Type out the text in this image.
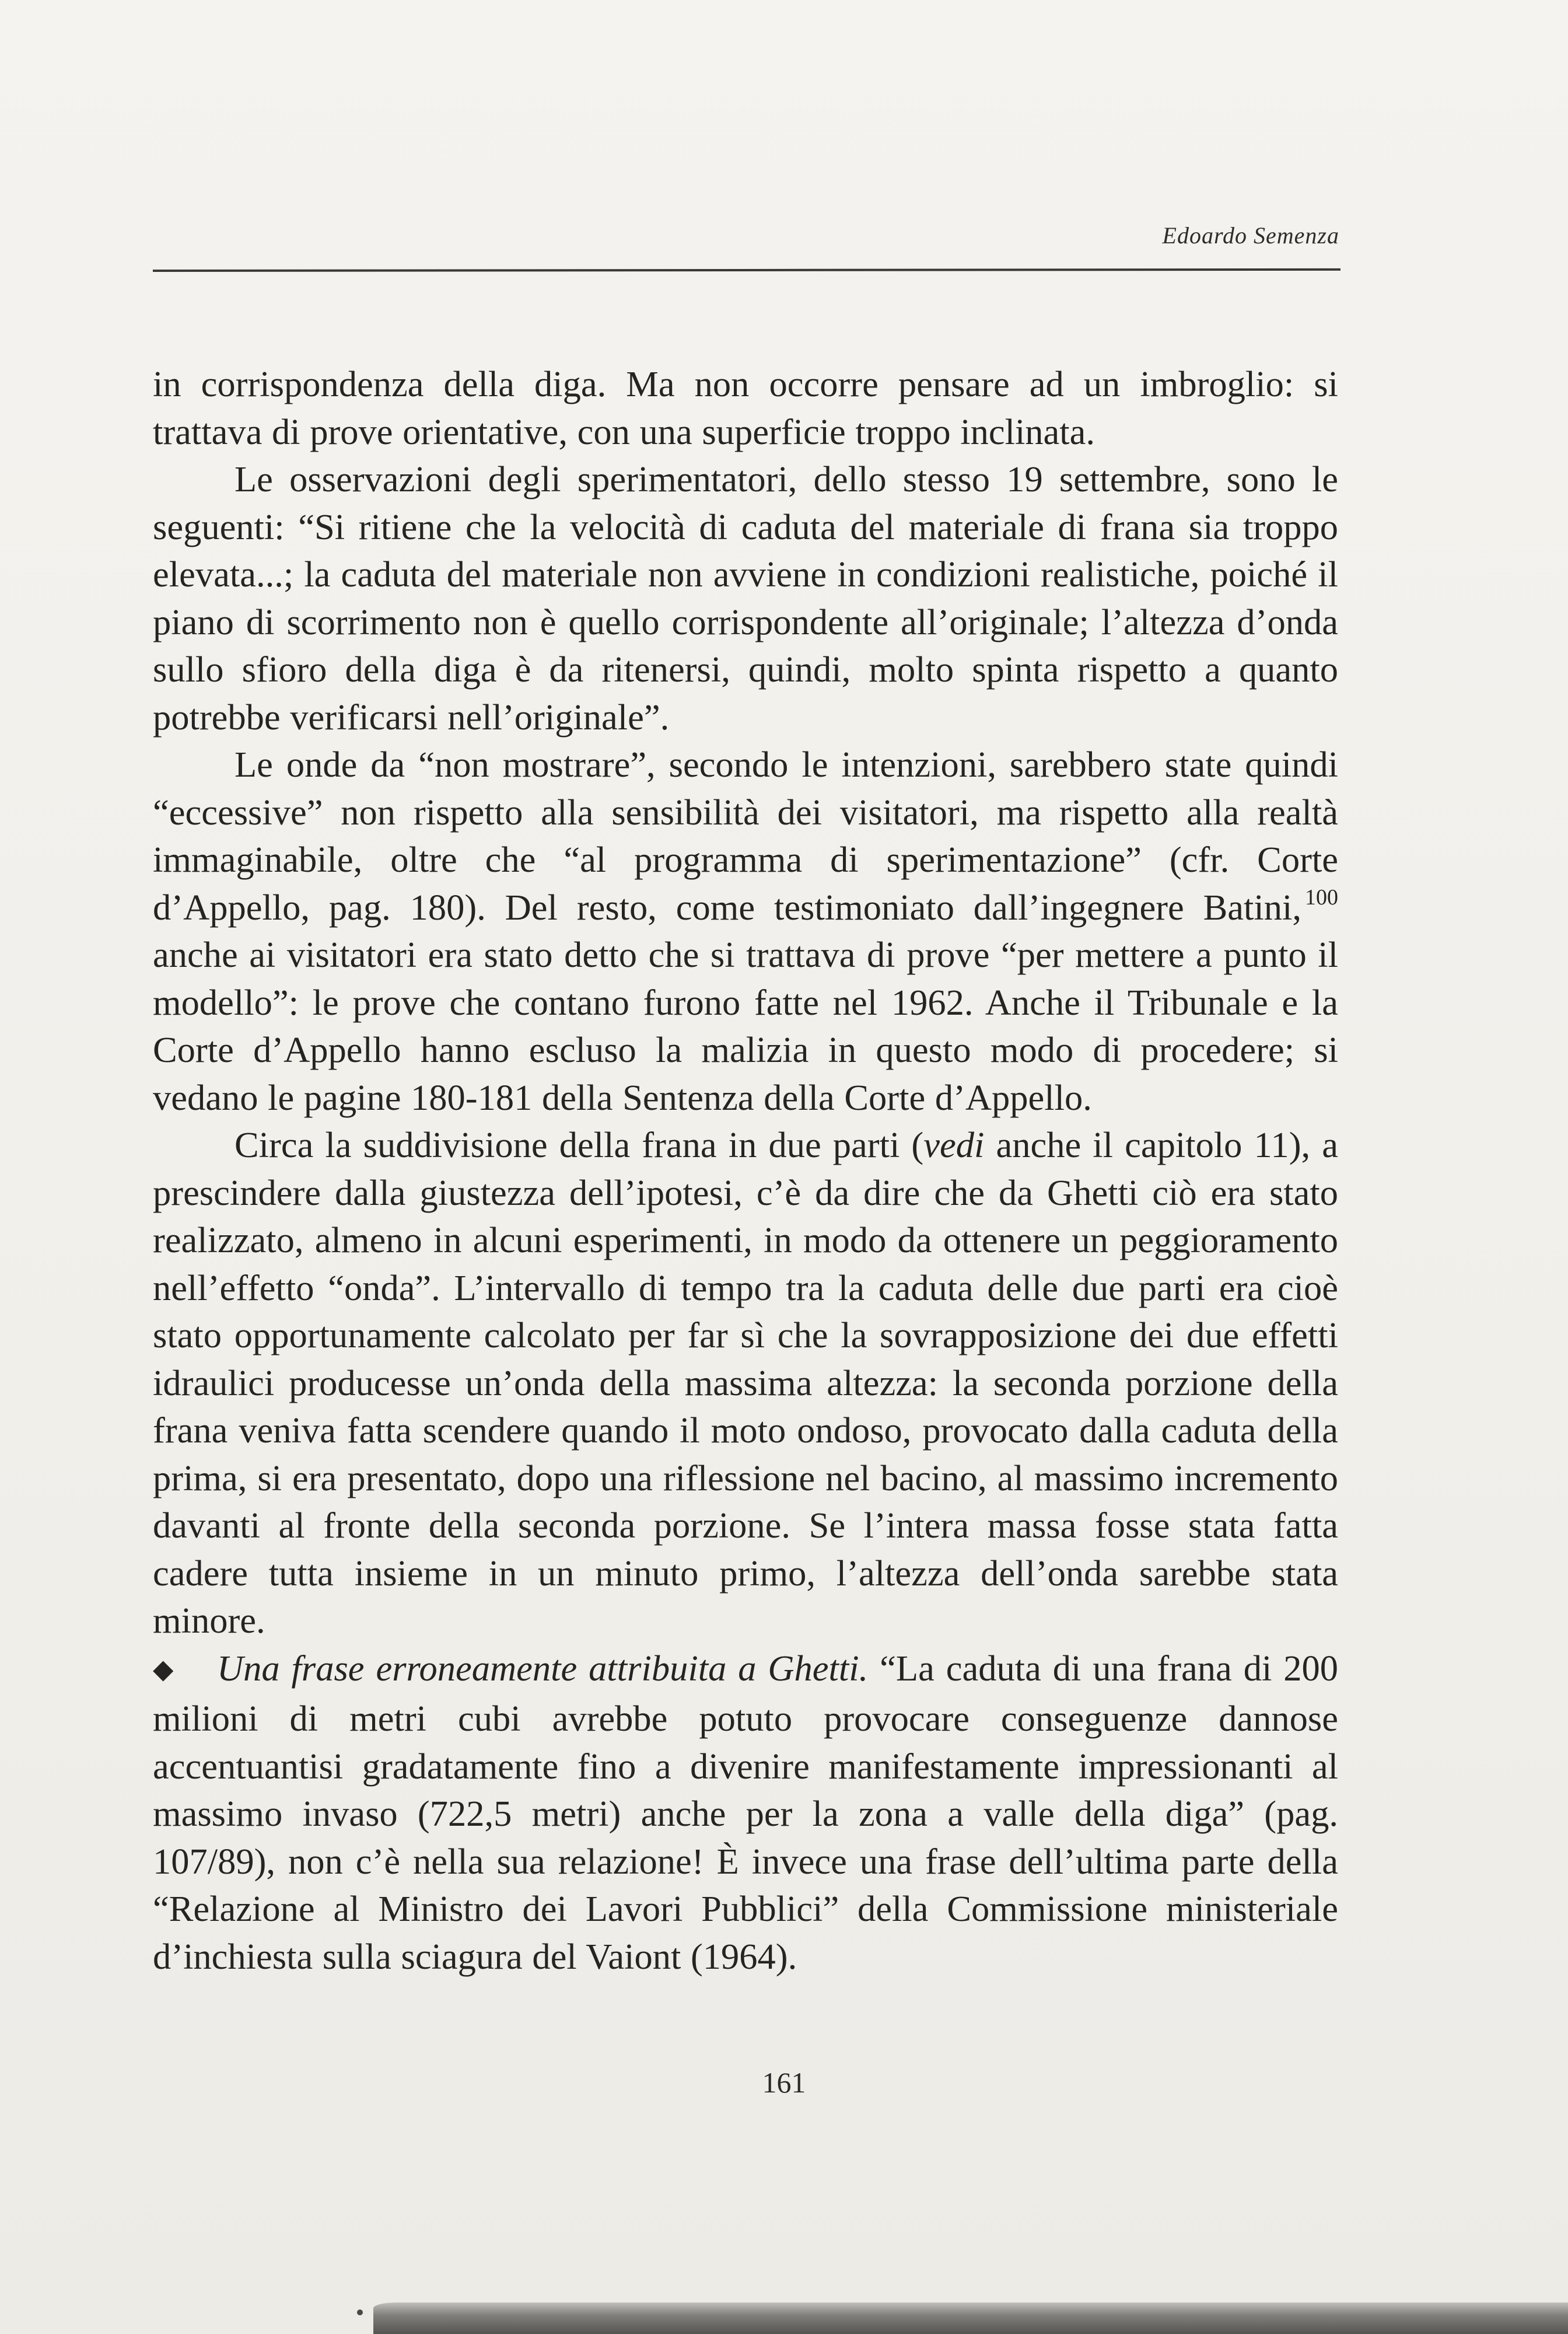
Edoardo Semenza

in corrispondenza della diga. Ma non occorre pensare ad un imbroglio: si trattava di prove orientative, con una superficie troppo inclinata.

Le osservazioni degli sperimentatori, dello stesso 19 settembre, sono le seguenti: “Si ritiene che la velocità di caduta del materiale di frana sia troppo elevata...; la caduta del materiale non avviene in condizioni realistiche, poiché il piano di scorrimento non è quello corrispondente all’originale; l’altezza d’onda sullo sfioro della diga è da ritenersi, quindi, molto spinta rispetto a quanto potrebbe verificarsi nell’originale”.

Le onde da “non mostrare”, secondo le intenzioni, sarebbero state quindi “eccessive” non rispetto alla sensibilità dei visitatori, ma rispetto alla realtà immaginabile, oltre che “al programma di sperimentazione” (cfr. Corte d’Appello, pag. 180). Del resto, come testimoniato dall’ingegnere Batini, $^{100}$ anche ai visitatori era stato detto che si trattava di prove “per mettere a punto il modello”: le prove che contano furono fatte nel 1962. Anche il Tribunale e la Corte d’Appello hanno escluso la malizia in questo modo di procedere; si vedano le pagine 180-181 della Sentenza della Corte d’Appello.

Circa la suddivisione della frana in due parti (vedi anche il capitolo 11), a prescindere dalla giustezza dell’ipotesi, c’è da dire che da Ghetti ciò era stato realizzato, almeno in alcuni esperimenti, in modo da ottenere un peggioramento nell’effetto “onda”. L’intervallo di tempo tra la caduta delle due parti era cioè stato opportunamente calcolato per far sì che la sovrapposizione dei due effetti idraulici producesse un’onda della massima altezza: la seconda porzione della frana veniva fatta scendere quando il moto ondoso, provocato dalla caduta della prima, si era presentato, dopo una riflessione nel bacino, al massimo incremento davanti al fronte della seconda porzione. Se l’intera massa fosse stata fatta cadere tutta insieme in un minuto primo, l’altezza dell’onda sarebbe stata minore.

◆ Una frase erroneamente attribuita a Ghetti. “La caduta di una frana di 200 milioni di metri cubi avrebbe potuto provocare conseguenze dannose accentuantisi gradatamente fino a divenire manifestamente impressionanti al massimo invaso (722,5 metri) anche per la zona a valle della diga” (pag. 107/89), non c’è nella sua relazione! È invece una frase dell’ultima parte della “Relazione al Ministro dei Lavori Pubblici” della Commissione ministeriale d’inchiesta sulla sciagura del Vaiont (1964).

161
